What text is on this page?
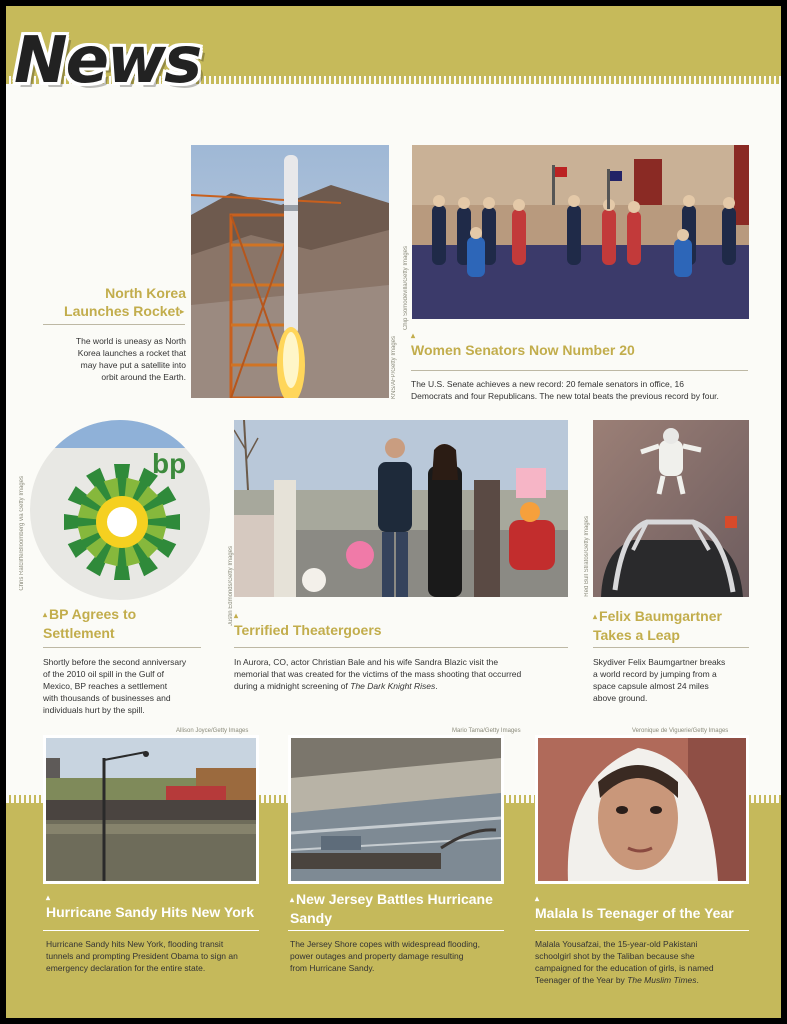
News
KNS/AFP/Getty Images
North Korea
Launches Rocket▸
The world is uneasy as North
Korea launches a rocket that
may have put a satellite into
orbit around the Earth.
Chip Somodevilla/Getty Images
▴
Women Senators Now Number 20
The U.S. Senate achieves a new record: 20 female senators in office, 16
Democrats and four Republicans. The new total beats the previous record by four.
bp
Chris Ratcliffe/Bloomberg via Getty Images
▴ BP Agrees to
Settlement
Shortly before the second anniversary
of the 2010 oil spill in the Gulf of
Mexico, BP reaches a settlement
with thousands of businesses and
individuals hurt by the spill.
Justin Edmonds/Getty Images ▴
Terrified Theatergoers
In Aurora, CO, actor Christian Bale and his wife Sandra Blazic visit the
memorial that was created for the victims of the mass shooting that occurred
during a midnight screening of The Dark Knight Rises.
Red Bull Stratos/Getty Images
▴ Felix Baumgartner
Takes a Leap
Skydiver Felix Baumgartner breaks
a world record by jumping from a
space capsule almost 24 miles
above ground.
Allison Joyce/Getty Images	Mario Tama/Getty Images	Veronique de Viguerie/Getty Images
▴
Hurricane Sandy Hits New York
Hurricane Sandy hits New York, flooding transit
tunnels and prompting President Obama to sign an
emergency declaration for the entire state.
▴ New Jersey Battles Hurricane
Sandy
The Jersey Shore copes with widespread flooding,
power outages and property damage resulting
from Hurricane Sandy.
▴
Malala Is Teenager of the Year
Malala Yousafzai, the 15-year-old Pakistani
schoolgirl shot by the Taliban because she
campaigned for the education of girls, is named
Teenager of the Year by The Muslim Times.
